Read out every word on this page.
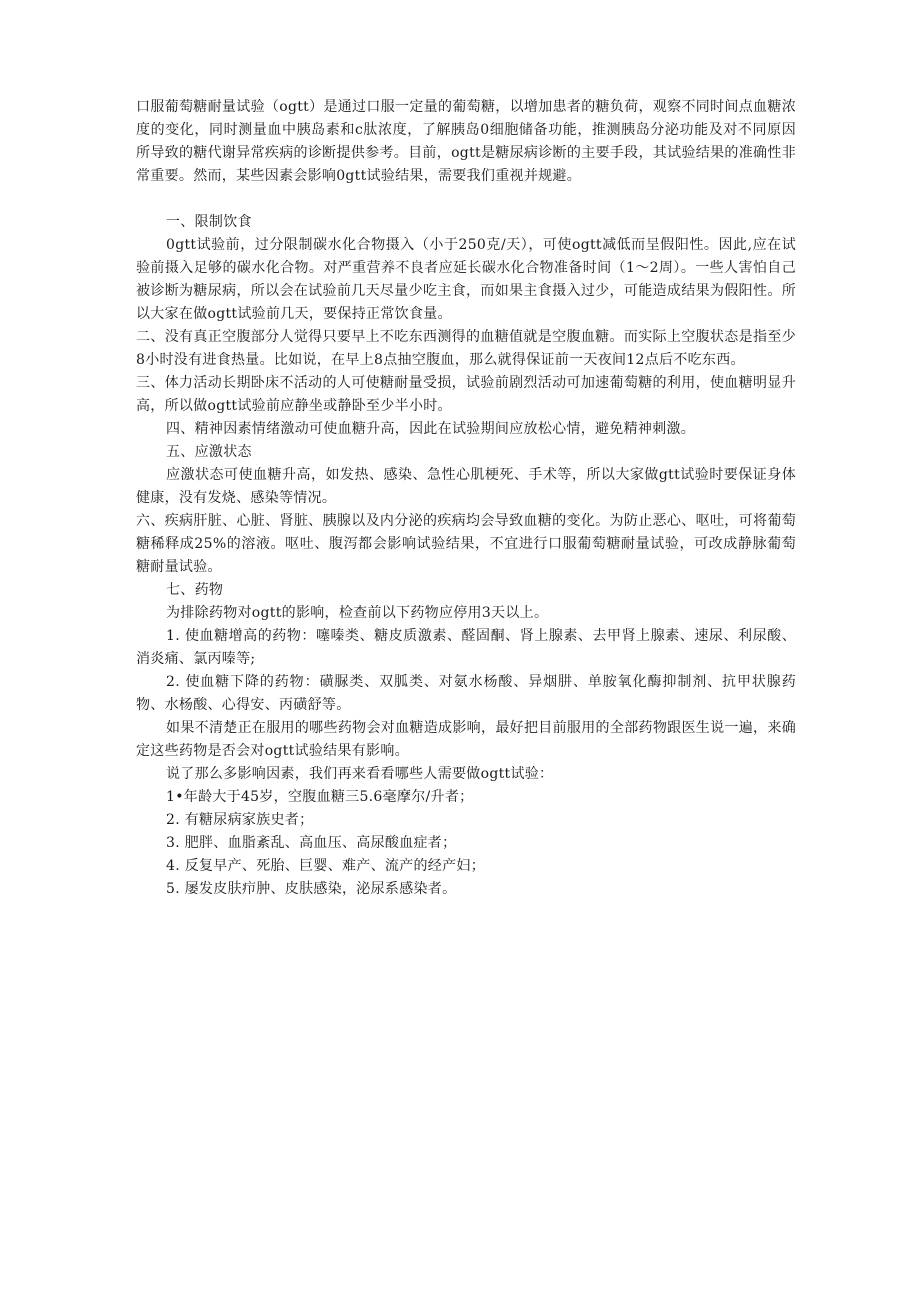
口服葡萄糖耐量试验（ogtt）是通过口服一定量的葡萄糖，以增加患者的糖负荷，观察不同时间点血糖浓度的变化，同时测量血中胰岛素和c肽浓度，了解胰岛0细胞储备功能，推测胰岛分泌功能及对不同原因所导致的糖代谢异常疾病的诊断提供参考。目前，ogtt是糖尿病诊断的主要手段，其试验结果的准确性非常重要。然而，某些因素会影响0gtt试验结果，需要我们重视并规避。

一、限制饮食

0gtt试验前，过分限制碳水化合物摄入（小于250克/天），可使ogtt减低而呈假阳性。因此,应在试验前摄入足够的碳水化合物。对严重营养不良者应延长碳水化合物准备时间（1～2周）。一些人害怕自己被诊断为糖尿病，所以会在试验前几天尽量少吃主食，而如果主食摄入过少，可能造成结果为假阳性。所以大家在做ogtt试验前几天，要保持正常饮食量。

二、没有真正空腹部分人觉得只要早上不吃东西测得的血糖值就是空腹血糖。而实际上空腹状态是指至少8小时没有进食热量。比如说，在早上8点抽空腹血，那么就得保证前一天夜间12点后不吃东西。

三、体力活动长期卧床不活动的人可使糖耐量受损，试验前剧烈活动可加速葡萄糖的利用，使血糖明显升高，所以做ogtt试验前应静坐或静卧至少半小时。

四、精神因素情绪激动可使血糖升高，因此在试验期间应放松心情，避免精神刺激。

五、应激状态

应激状态可使血糖升高，如发热、感染、急性心肌梗死、手术等，所以大家做gtt试验时要保证身体健康，没有发烧、感染等情况。

六、疾病肝脏、心脏、肾脏、胰腺以及内分泌的疾病均会导致血糖的变化。为防止恶心、呕吐，可将葡萄糖稀释成25%的溶液。呕吐、腹泻都会影响试验结果，不宜进行口服葡萄糖耐量试验，可改成静脉葡萄糖耐量试验。

七、药物

为排除药物对ogtt的影响，检查前以下药物应停用3天以上。

1. 使血糖增高的药物：噻嗪类、糖皮质激素、醛固酮、肾上腺素、去甲肾上腺素、速尿、利尿酸、消炎痛、氯丙嗪等;

2. 使血糖下降的药物：磺脲类、双胍类、对氨水杨酸、异烟肼、单胺氧化酶抑制剂、抗甲状腺药物、水杨酸、心得安、丙磺舒等。

如果不清楚正在服用的哪些药物会对血糖造成影响，最好把目前服用的全部药物跟医生说一遍，来确定这些药物是否会对ogtt试验结果有影响。

说了那么多影响因素，我们再来看看哪些人需要做ogtt试验：

1•年龄大于45岁，空腹血糖三5.6毫摩尔/升者；

2. 有糖尿病家族史者；

3. 肥胖、血脂紊乱、高血压、高尿酸血症者；

4. 反复早产、死胎、巨婴、难产、流产的经产妇；

5. 屡发皮肤疖肿、皮肤感染，泌尿系感染者。
